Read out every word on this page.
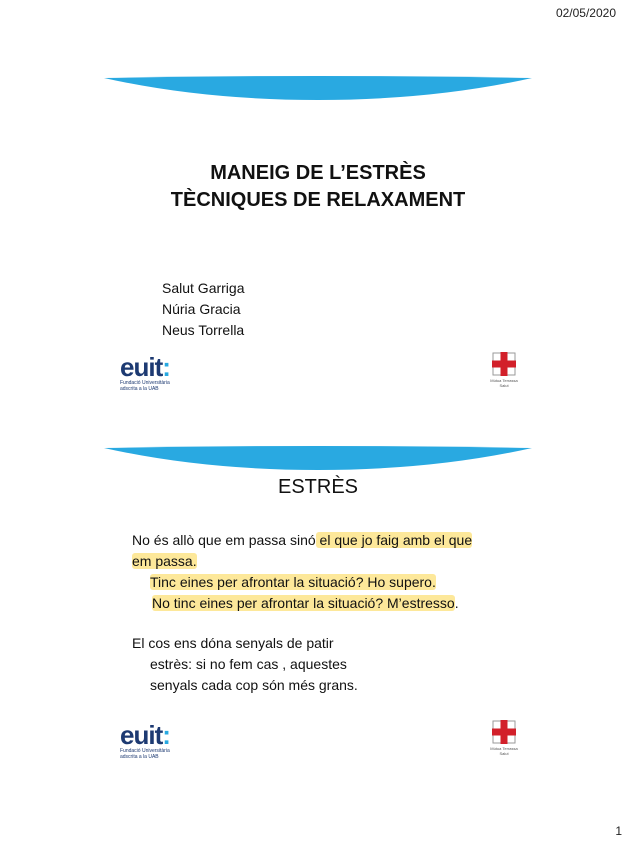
02/05/2020
MANEIG DE L’ESTRÈS
TÈCNIQUES DE RELAXAMENT
Salut Garriga
Núria Gracia
Neus Torrella
euit:
Fundació Universitària
adscrita a la UAB
Mútua Terrassa
Salut
ESTRÈS
No és allò que em passa sinó el que jo faig amb el que
em passa.
Tinc eines per afrontar la situació? Ho supero.
No tinc eines per afrontar la situació? M’estresso.
El cos ens dóna senyals de patir
estrès: si no fem cas , aquestes
senyals cada cop són més grans.
euit:
Fundació Universitària
adscrita a la UAB
Mútua Terrassa
Salut
1
